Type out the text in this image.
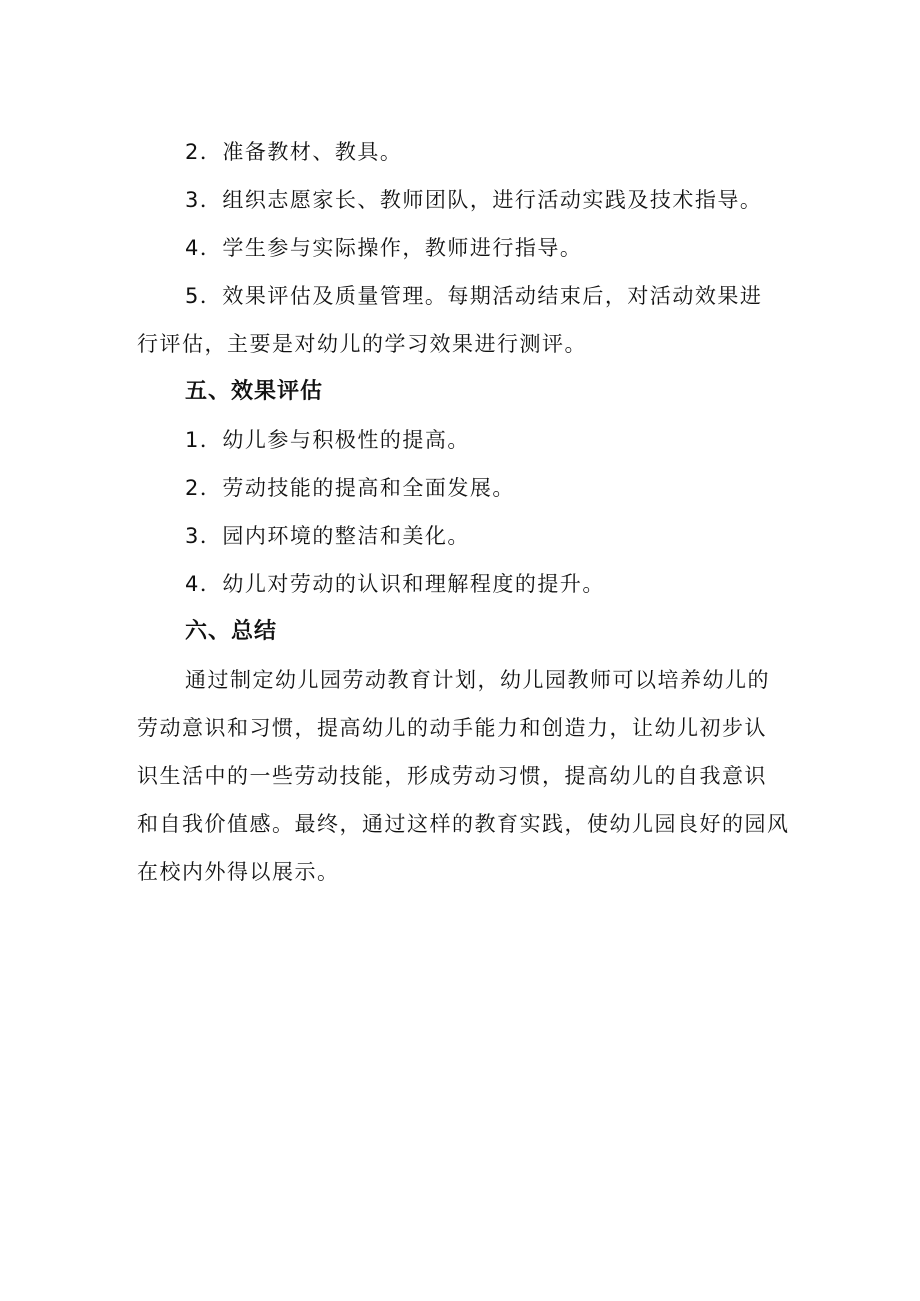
2．准备教材、教具。
3．组织志愿家长、教师团队，进行活动实践及技术指导。
4．学生参与实际操作，教师进行指导。
5．效果评估及质量管理。每期活动结束后，对活动效果进
行评估，主要是对幼儿的学习效果进行测评。
五、效果评估
1．幼儿参与积极性的提高。
2．劳动技能的提高和全面发展。
3．园内环境的整洁和美化。
4．幼儿对劳动的认识和理解程度的提升。
六、总结
通过制定幼儿园劳动教育计划，幼儿园教师可以培养幼儿的
劳动意识和习惯，提高幼儿的动手能力和创造力，让幼儿初步认
识生活中的一些劳动技能，形成劳动习惯，提高幼儿的自我意识
和自我价值感。最终，通过这样的教育实践，使幼儿园良好的园风
在校内外得以展示。
